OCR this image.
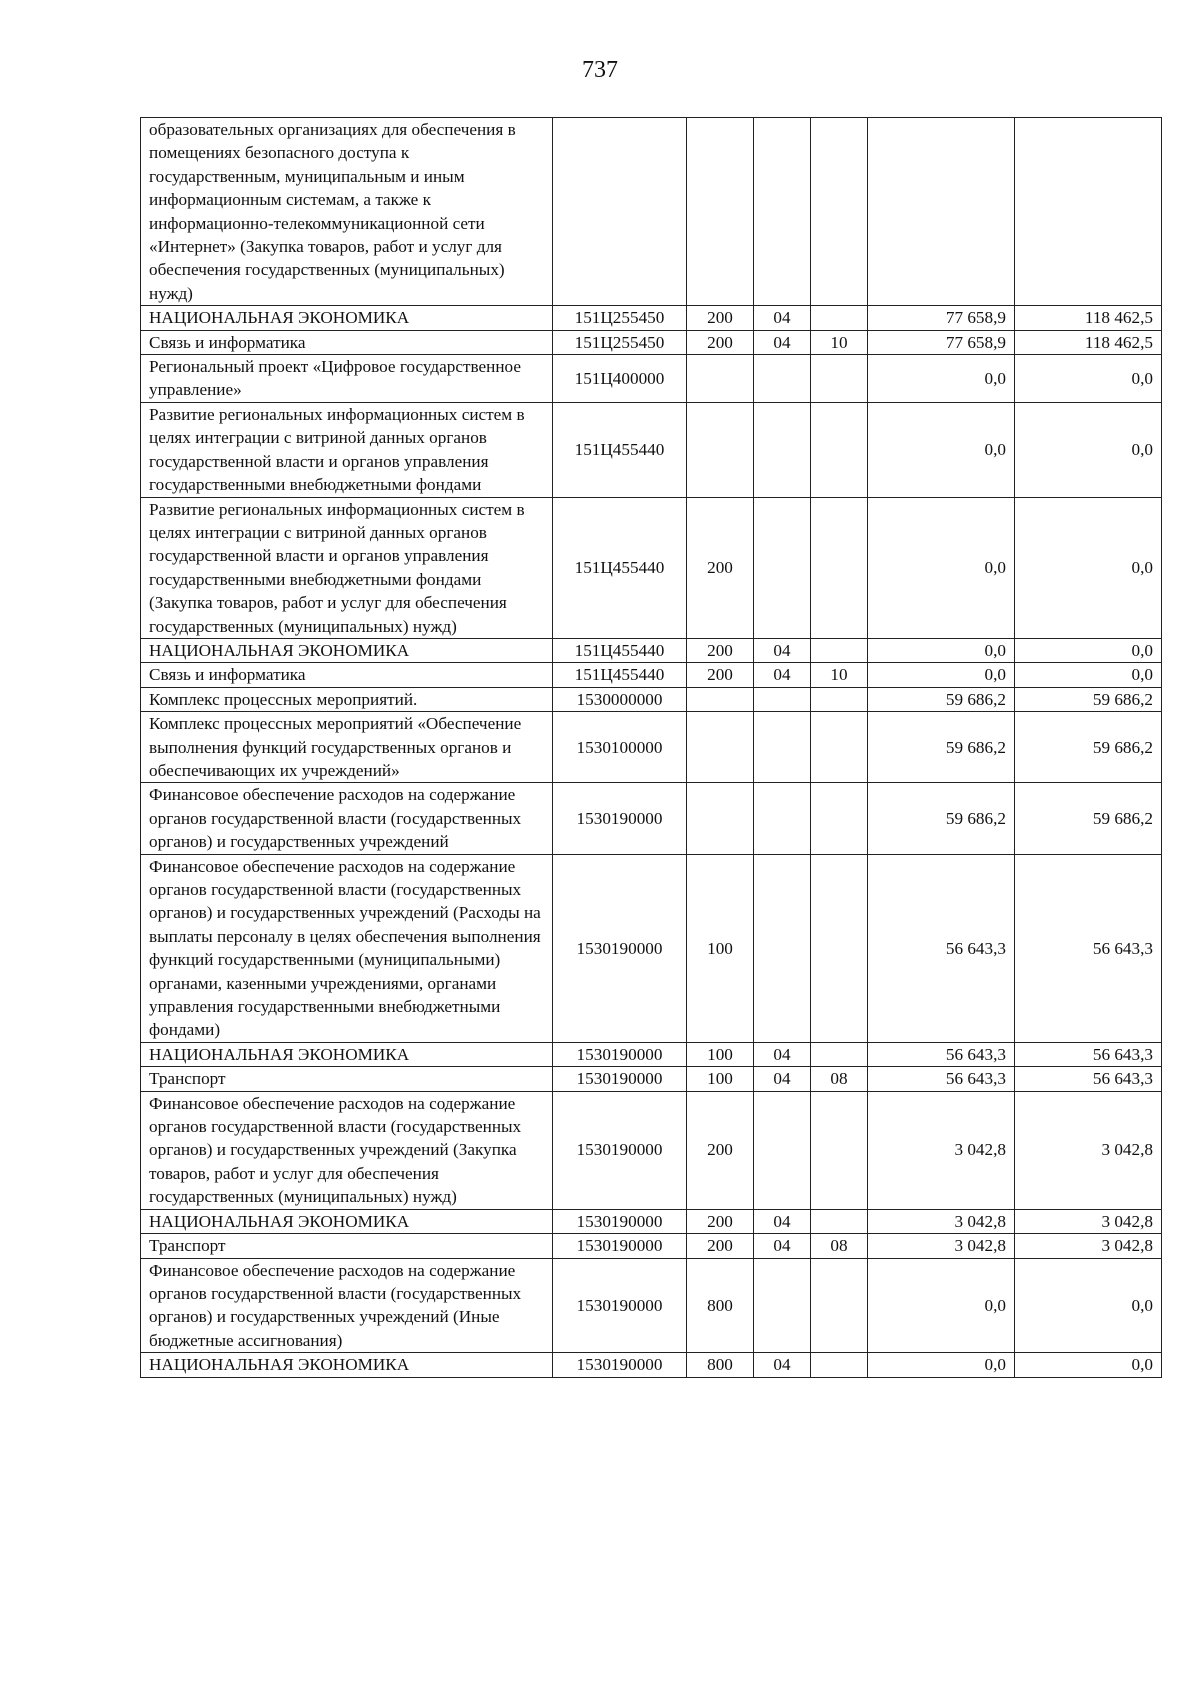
737
образовательных организациях для обеспечения в помещениях безопасного доступа к государственным, муниципальным и иным информационным системам, а также к информационно-телекоммуникационной сети «Интернет» (Закупка товаров, работ и услуг для обеспечения государственных (муниципальных) нужд)						
НАЦИОНАЛЬНАЯ ЭКОНОМИКА	151Ц255450	200	04		77 658,9	118 462,5
Связь и информатика	151Ц255450	200	04	10	77 658,9	118 462,5
Региональный проект «Цифровое государственное управление»	151Ц400000				0,0	0,0
Развитие региональных информационных систем в целях интеграции с витриной данных органов государственной власти и органов управления государственными внебюджетными фондами	151Ц455440				0,0	0,0
Развитие региональных информационных систем в целях интеграции с витриной данных органов государственной власти и органов управления государственными внебюджетными фондами (Закупка товаров, работ и услуг для обеспечения государственных (муниципальных) нужд)	151Ц455440	200			0,0	0,0
НАЦИОНАЛЬНАЯ ЭКОНОМИКА	151Ц455440	200	04		0,0	0,0
Связь и информатика	151Ц455440	200	04	10	0,0	0,0
Комплекс процессных мероприятий.	1530000000				59 686,2	59 686,2
Комплекс процессных мероприятий «Обеспечение выполнения функций государственных органов и обеспечивающих их учреждений»	1530100000				59 686,2	59 686,2
Финансовое обеспечение расходов на содержание органов государственной власти (государственных органов) и государственных учреждений	1530190000				59 686,2	59 686,2
Финансовое обеспечение расходов на содержание органов государственной власти (государственных органов) и государственных учреждений (Расходы на выплаты персоналу в целях обеспечения выполнения функций государственными (муниципальными) органами, казенными учреждениями, органами управления государственными внебюджетными фондами)	1530190000	100			56 643,3	56 643,3
НАЦИОНАЛЬНАЯ ЭКОНОМИКА	1530190000	100	04		56 643,3	56 643,3
Транспорт	1530190000	100	04	08	56 643,3	56 643,3
Финансовое обеспечение расходов на содержание органов государственной власти (государственных органов) и государственных учреждений (Закупка товаров, работ и услуг для обеспечения государственных (муниципальных) нужд)	1530190000	200			3 042,8	3 042,8
НАЦИОНАЛЬНАЯ ЭКОНОМИКА	1530190000	200	04		3 042,8	3 042,8
Транспорт	1530190000	200	04	08	3 042,8	3 042,8
Финансовое обеспечение расходов на содержание органов государственной власти (государственных органов) и государственных учреждений (Иные бюджетные ассигнования)	1530190000	800			0,0	0,0
НАЦИОНАЛЬНАЯ ЭКОНОМИКА	1530190000	800	04		0,0	0,0
